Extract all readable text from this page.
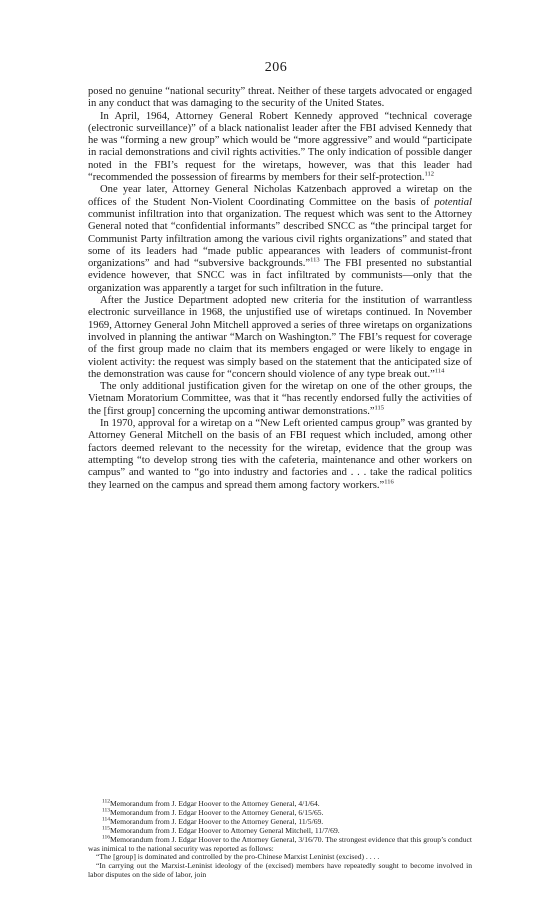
206

posed no genuine “national security” threat. Neither of these targets advocated or engaged in any conduct that was damaging to the security of the United States.

In April, 1964, Attorney General Robert Kennedy approved “technical coverage (electronic surveillance)” of a black nationalist leader after the FBI advised Kennedy that he was “forming a new group” which would be “more aggressive” and would “participate in racial demonstrations and civil rights activities.” The only indication of possible danger noted in the FBI’s request for the wiretaps, however, was that this leader had “recommended the possession of firearms by members for their self-protection.$^{112}$

One year later, Attorney General Nicholas Katzenbach approved a wiretap on the offices of the Student Non-Violent Coordinating Committee on the basis of potential communist infiltration into that organization. The request which was sent to the Attorney General noted that “confidential informants” described SNCC as “the principal target for Communist Party infiltration among the various civil rights organizations” and stated that some of its leaders had “made public appearances with leaders of communist-front organizations” and had “subversive backgrounds.”$^{113}$ The FBI presented no substantial evidence however, that SNCC was in fact infiltrated by communists—only that the organization was apparently a target for such infiltration in the future.

After the Justice Department adopted new criteria for the institution of warrantless electronic surveillance in 1968, the unjustified use of wiretaps continued. In November 1969, Attorney General John Mitchell approved a series of three wiretaps on organizations involved in planning the antiwar “March on Washington.” The FBI’s request for coverage of the first group made no claim that its members engaged or were likely to engage in violent activity: the request was simply based on the statement that the anticipated size of the demonstration was cause for “concern should violence of any type break out.”$^{114}$

The only additional justification given for the wiretap on one of the other groups, the Vietnam Moratorium Committee, was that it “has recently endorsed fully the activities of the [first group] concerning the upcoming antiwar demonstrations.”$^{115}$

In 1970, approval for a wiretap on a “New Left oriented campus group” was granted by Attorney General Mitchell on the basis of an FBI request which included, among other factors deemed relevant to the necessity for the wiretap, evidence that the group was attempting “to develop strong ties with the cafeteria, maintenance and other workers on campus” and wanted to “go into industry and factories and . . . take the radical politics they learned on the campus and spread them among factory workers.”$^{116}$

$^{112}$Memorandum from J. Edgar Hoover to the Attorney General, 4/1/64.
$^{113}$Memorandum from J. Edgar Hoover to the Attorney General, 6/15/65.
$^{114}$Memorandum from J. Edgar Hoover to the Attorney General, 11/5/69.
$^{115}$Memorandum from J. Edgar Hoover to Attorney General Mitchell, 11/7/69.
$^{116}$Memorandum from J. Edgar Hoover to the Attorney General, 3/16/70. The strongest evidence that this group’s conduct was inimical to the national security was reported as follows:
“The [group] is dominated and controlled by the pro-Chinese Marxist Leninist (excised) . . . .
“In carrying out the Marxist-Leninist ideology of the (excised) members have repeatedly sought to become involved in labor disputes on the side of labor, join
